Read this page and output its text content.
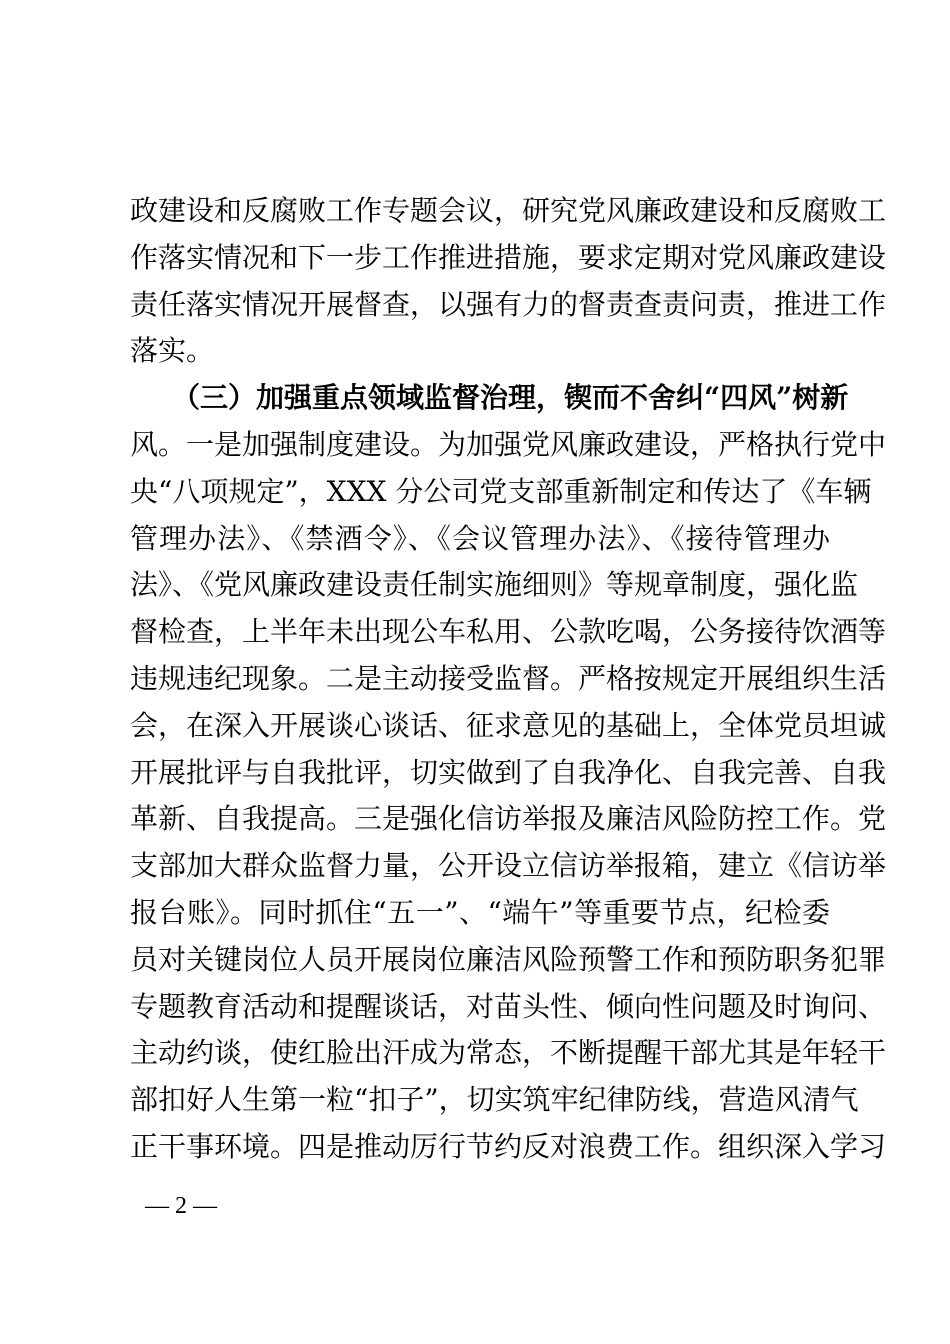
政建设和反腐败工作专题会议，研究党风廉政建设和反腐败工
作落实情况和下一步工作推进措施，要求定期对党风廉政建设
责任落实情况开展督查，以强有力的督责查责问责，推进工作
落实。
　　（三）加强重点领域监督治理，锲而不舍纠“四风”树新
风。一是加强制度建设。为加强党风廉政建设，严格执行党中
央“八项规定”，XXX 分公司党支部重新制定和传达了《车辆
管理办法》、《禁酒令》、《会议管理办法》、《接待管理办
法》、《党风廉政建设责任制实施细则》等规章制度，强化监
督检查，上半年未出现公车私用、公款吃喝，公务接待饮酒等
违规违纪现象。二是主动接受监督。严格按规定开展组织生活
会，在深入开展谈心谈话、征求意见的基础上，全体党员坦诚
开展批评与自我批评，切实做到了自我净化、自我完善、自我
革新、自我提高。三是强化信访举报及廉洁风险防控工作。党
支部加大群众监督力量，公开设立信访举报箱，建立《信访举
报台账》。同时抓住“五一”、“端午”等重要节点，纪检委
员对关键岗位人员开展岗位廉洁风险预警工作和预防职务犯罪
专题教育活动和提醒谈话，对苗头性、倾向性问题及时询问、
主动约谈，使红脸出汗成为常态，不断提醒干部尤其是年轻干
部扣好人生第一粒“扣子”，切实筑牢纪律防线，营造风清气
正干事环境。四是推动厉行节约反对浪费工作。组织深入学习
— 2 —
